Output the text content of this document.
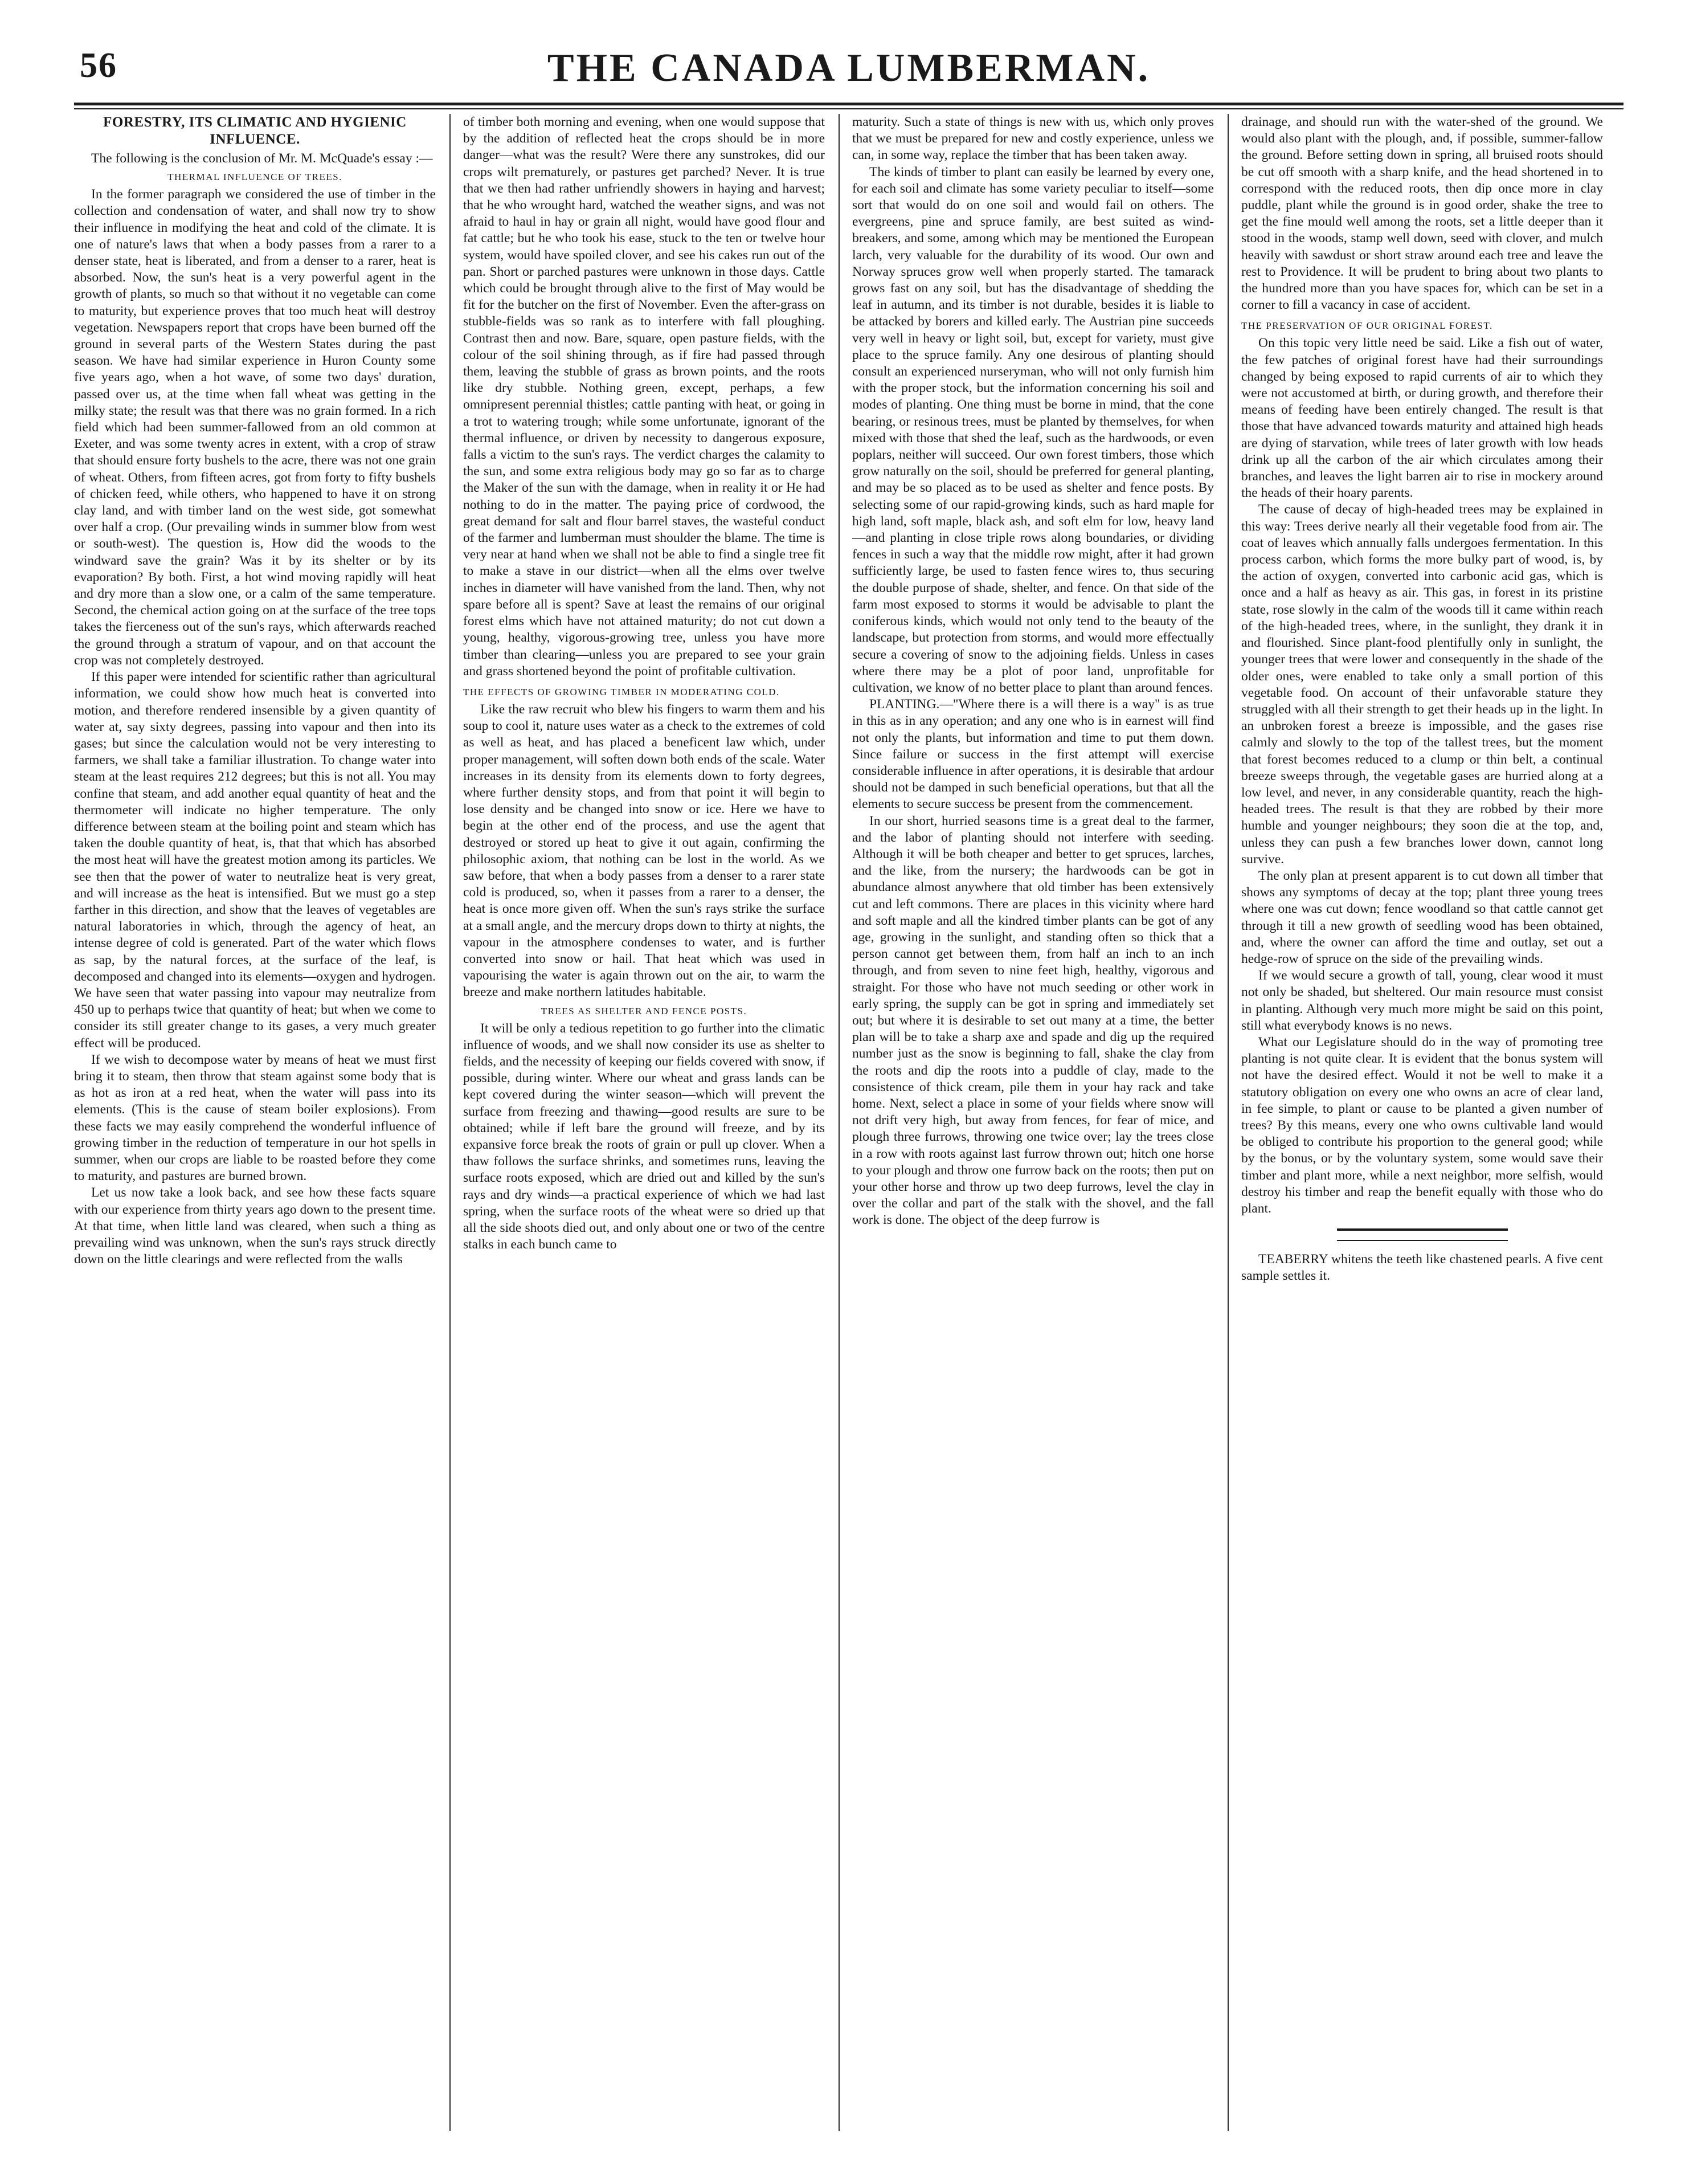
56	THE CANADA LUMBERMAN.
FORESTRY, ITS CLIMATIC AND HYGIENIC INFLUENCE.

The following is the conclusion of Mr. M. McQuade's essay :—

THERMAL INFLUENCE OF TREES.

In the former paragraph we considered the use of timber in the collection and condensation of water, and shall now try to show their influence in modifying the heat and cold of the climate. It is one of nature's laws that when a body passes from a rarer to a denser state, heat is liberated, and from a denser to a rarer, heat is absorbed. Now, the sun's heat is a very powerful agent in the growth of plants, so much so that without it no vegetable can come to maturity, but experience proves that too much heat will destroy vegetation. Newspapers report that crops have been burned off the ground in several parts of the Western States during the past season. We have had similar experience in Huron County some five years ago, when a hot wave, of some two days' duration, passed over us, at the time when fall wheat was getting in the milky state; the result was that there was no grain formed. In a rich field which had been summer-fallowed from an old common at Exeter, and was some twenty acres in extent, with a crop of straw that should ensure forty bushels to the acre, there was not one grain of wheat. Others, from fifteen acres, got from forty to fifty bushels of chicken feed, while others, who happened to have it on strong clay land, and with timber land on the west side, got somewhat over half a crop. (Our prevailing winds in summer blow from west or south-west). The question is, How did the woods to the windward save the grain? Was it by its shelter or by its evaporation? By both. First, a hot wind moving rapidly will heat and dry more than a slow one, or a calm of the same temperature. Second, the chemical action going on at the surface of the tree tops takes the fierceness out of the sun's rays, which afterwards reached the ground through a stratum of vapour, and on that account the crop was not completely destroyed.

If this paper were intended for scientific rather than agricultural information, we could show how much heat is converted into motion, and therefore rendered insensible by a given quantity of water at, say sixty degrees, passing into vapour and then into its gases; but since the calculation would not be very interesting to farmers, we shall take a familiar illustration. To change water into steam at the least requires 212 degrees; but this is not all. You may confine that steam, and add another equal quantity of heat and the thermometer will indicate no higher temperature. The only difference between steam at the boiling point and steam which has taken the double quantity of heat, is, that that which has absorbed the most heat will have the greatest motion among its particles. We see then that the power of water to neutralize heat is very great, and will increase as the heat is intensified. But we must go a step farther in this direction, and show that the leaves of vegetables are natural laboratories in which, through the agency of heat, an intense degree of cold is generated. Part of the water which flows as sap, by the natural forces, at the surface of the leaf, is decomposed and changed into its elements—oxygen and hydrogen. We have seen that water passing into vapour may neutralize from 450 up to perhaps twice that quantity of heat; but when we come to consider its still greater change to its gases, a very much greater effect will be produced.

If we wish to decompose water by means of heat we must first bring it to steam, then throw that steam against some body that is as hot as iron at a red heat, when the water will pass into its elements. (This is the cause of steam boiler explosions). From these facts we may easily comprehend the wonderful influence of growing timber in the reduction of temperature in our hot spells in summer, when our crops are liable to be roasted before they come to maturity, and pastures are burned brown.

Let us now take a look back, and see how these facts square with our experience from thirty years ago down to the present time. At that time, when little land was cleared, when such a thing as prevailing wind was unknown, when the sun's rays struck directly down on the little clearings and were reflected from the walls

of timber both morning and evening, when one would suppose that by the addition of reflected heat the crops should be in more danger—what was the result? Were there any sunstrokes, did our crops wilt prematurely, or pastures get parched? Never. It is true that we then had rather unfriendly showers in haying and harvest; that he who wrought hard, watched the weather signs, and was not afraid to haul in hay or grain all night, would have good flour and fat cattle; but he who took his ease, stuck to the ten or twelve hour system, would have spoiled clover, and see his cakes run out of the pan. Short or parched pastures were unknown in those days. Cattle which could be brought through alive to the first of May would be fit for the butcher on the first of November. Even the after-grass on stubble-fields was so rank as to interfere with fall ploughing. Contrast then and now. Bare, square, open pasture fields, with the colour of the soil shining through, as if fire had passed through them, leaving the stubble of grass as brown points, and the roots like dry stubble. Nothing green, except, perhaps, a few omnipresent perennial thistles; cattle panting with heat, or going in a trot to watering trough; while some unfortunate, ignorant of the thermal influence, or driven by necessity to dangerous exposure, falls a victim to the sun's rays. The verdict charges the calamity to the sun, and some extra religious body may go so far as to charge the Maker of the sun with the damage, when in reality it or He had nothing to do in the matter. The paying price of cordwood, the great demand for salt and flour barrel staves, the wasteful conduct of the farmer and lumberman must shoulder the blame. The time is very near at hand when we shall not be able to find a single tree fit to make a stave in our district—when all the elms over twelve inches in diameter will have vanished from the land. Then, why not spare before all is spent? Save at least the remains of our original forest elms which have not attained maturity; do not cut down a young, healthy, vigorous-growing tree, unless you have more timber than clearing—unless you are prepared to see your grain and grass shortened beyond the point of profitable cultivation.

THE EFFECTS OF GROWING TIMBER IN MODERATING COLD.

Like the raw recruit who blew his fingers to warm them and his soup to cool it, nature uses water as a check to the extremes of cold as well as heat, and has placed a beneficent law which, under proper management, will soften down both ends of the scale. Water increases in its density from its elements down to forty degrees, where further density stops, and from that point it will begin to lose density and be changed into snow or ice. Here we have to begin at the other end of the process, and use the agent that destroyed or stored up heat to give it out again, confirming the philosophic axiom, that nothing can be lost in the world. As we saw before, that when a body passes from a denser to a rarer state cold is produced, so, when it passes from a rarer to a denser, the heat is once more given off. When the sun's rays strike the surface at a small angle, and the mercury drops down to thirty at nights, the vapour in the atmosphere condenses to water, and is further converted into snow or hail. That heat which was used in vapourising the water is again thrown out on the air, to warm the breeze and make northern latitudes habitable.

TREES AS SHELTER AND FENCE POSTS.

It will be only a tedious repetition to go further into the climatic influence of woods, and we shall now consider its use as shelter to fields, and the necessity of keeping our fields covered with snow, if possible, during winter. Where our wheat and grass lands can be kept covered during the winter season—which will prevent the surface from freezing and thawing—good results are sure to be obtained; while if left bare the ground will freeze, and by its expansive force break the roots of grain or pull up clover. When a thaw follows the surface shrinks, and sometimes runs, leaving the surface roots exposed, which are dried out and killed by the sun's rays and dry winds—a practical experience of which we had last spring, when the surface roots of the wheat were so dried up that all the side shoots died out, and only about one or two of the centre stalks in each bunch came to

maturity. Such a state of things is new with us, which only proves that we must be prepared for new and costly experience, unless we can, in some way, replace the timber that has been taken away.

The kinds of timber to plant can easily be learned by every one, for each soil and climate has some variety peculiar to itself—some sort that would do on one soil and would fail on others. The evergreens, pine and spruce family, are best suited as wind-breakers, and some, among which may be mentioned the European larch, very valuable for the durability of its wood. Our own and Norway spruces grow well when properly started. The tamarack grows fast on any soil, but has the disadvantage of shedding the leaf in autumn, and its timber is not durable, besides it is liable to be attacked by borers and killed early. The Austrian pine succeeds very well in heavy or light soil, but, except for variety, must give place to the spruce family. Any one desirous of planting should consult an experienced nurseryman, who will not only furnish him with the proper stock, but the information concerning his soil and modes of planting. One thing must be borne in mind, that the cone bearing, or resinous trees, must be planted by themselves, for when mixed with those that shed the leaf, such as the hardwoods, or even poplars, neither will succeed. Our own forest timbers, those which grow naturally on the soil, should be preferred for general planting, and may be so placed as to be used as shelter and fence posts. By selecting some of our rapid-growing kinds, such as hard maple for high land, soft maple, black ash, and soft elm for low, heavy land—and planting in close triple rows along boundaries, or dividing fences in such a way that the middle row might, after it had grown sufficiently large, be used to fasten fence wires to, thus securing the double purpose of shade, shelter, and fence. On that side of the farm most exposed to storms it would be advisable to plant the coniferous kinds, which would not only tend to the beauty of the landscape, but protection from storms, and would more effectually secure a covering of snow to the adjoining fields. Unless in cases where there may be a plot of poor land, unprofitable for cultivation, we know of no better place to plant than around fences.

PLANTING.—"Where there is a will there is a way" is as true in this as in any operation; and any one who is in earnest will find not only the plants, but information and time to put them down. Since failure or success in the first attempt will exercise considerable influence in after operations, it is desirable that ardour should not be damped in such beneficial operations, but that all the elements to secure success be present from the commencement.

In our short, hurried seasons time is a great deal to the farmer, and the labor of planting should not interfere with seeding. Although it will be both cheaper and better to get spruces, larches, and the like, from the nursery; the hardwoods can be got in abundance almost anywhere that old timber has been extensively cut and left commons. There are places in this vicinity where hard and soft maple and all the kindred timber plants can be got of any age, growing in the sunlight, and standing often so thick that a person cannot get between them, from half an inch to an inch through, and from seven to nine feet high, healthy, vigorous and straight. For those who have not much seeding or other work in early spring, the supply can be got in spring and immediately set out; but where it is desirable to set out many at a time, the better plan will be to take a sharp axe and spade and dig up the required number just as the snow is beginning to fall, shake the clay from the roots and dip the roots into a puddle of clay, made to the consistence of thick cream, pile them in your hay rack and take home. Next, select a place in some of your fields where snow will not drift very high, but away from fences, for fear of mice, and plough three furrows, throwing one twice over; lay the trees close in a row with roots against last furrow thrown out; hitch one horse to your plough and throw one furrow back on the roots; then put on your other horse and throw up two deep furrows, level the clay in over the collar and part of the stalk with the shovel, and the fall work is done. The object of the deep furrow is

drainage, and should run with the water-shed of the ground. We would also plant with the plough, and, if possible, summer-fallow the ground. Before setting down in spring, all bruised roots should be cut off smooth with a sharp knife, and the head shortened in to correspond with the reduced roots, then dip once more in clay puddle, plant while the ground is in good order, shake the tree to get the fine mould well among the roots, set a little deeper than it stood in the woods, stamp well down, seed with clover, and mulch heavily with sawdust or short straw around each tree and leave the rest to Providence. It will be prudent to bring about two plants to the hundred more than you have spaces for, which can be set in a corner to fill a vacancy in case of accident.

THE PRESERVATION OF OUR ORIGINAL FOREST.

On this topic very little need be said. Like a fish out of water, the few patches of original forest have had their surroundings changed by being exposed to rapid currents of air to which they were not accustomed at birth, or during growth, and therefore their means of feeding have been entirely changed. The result is that those that have advanced towards maturity and attained high heads are dying of starvation, while trees of later growth with low heads drink up all the carbon of the air which circulates among their branches, and leaves the light barren air to rise in mockery around the heads of their hoary parents.

The cause of decay of high-headed trees may be explained in this way: Trees derive nearly all their vegetable food from air. The coat of leaves which annually falls undergoes fermentation. In this process carbon, which forms the more bulky part of wood, is, by the action of oxygen, converted into carbonic acid gas, which is once and a half as heavy as air. This gas, in forest in its pristine state, rose slowly in the calm of the woods till it came within reach of the high-headed trees, where, in the sunlight, they drank it in and flourished. Since plant-food plentifully only in sunlight, the younger trees that were lower and consequently in the shade of the older ones, were enabled to take only a small portion of this vegetable food. On account of their unfavorable stature they struggled with all their strength to get their heads up in the light. In an unbroken forest a breeze is impossible, and the gases rise calmly and slowly to the top of the tallest trees, but the moment that forest becomes reduced to a clump or thin belt, a continual breeze sweeps through, the vegetable gases are hurried along at a low level, and never, in any considerable quantity, reach the high-headed trees. The result is that they are robbed by their more humble and younger neighbours; they soon die at the top, and, unless they can push a few branches lower down, cannot long survive.

The only plan at present apparent is to cut down all timber that shows any symptoms of decay at the top; plant three young trees where one was cut down; fence woodland so that cattle cannot get through it till a new growth of seedling wood has been obtained, and, where the owner can afford the time and outlay, set out a hedge-row of spruce on the side of the prevailing winds.

If we would secure a growth of tall, young, clear wood it must not only be shaded, but sheltered. Our main resource must consist in planting. Although very much more might be said on this point, still what everybody knows is no news.

What our Legislature should do in the way of promoting tree planting is not quite clear. It is evident that the bonus system will not have the desired effect. Would it not be well to make it a statutory obligation on every one who owns an acre of clear land, in fee simple, to plant or cause to be planted a given number of trees? By this means, every one who owns cultivable land would be obliged to contribute his proportion to the general good; while by the bonus, or by the voluntary system, some would save their timber and plant more, while a next neighbor, more selfish, would destroy his timber and reap the benefit equally with those who do plant.

TEABERRY whitens the teeth like chastened pearls. A five cent sample settles it.
